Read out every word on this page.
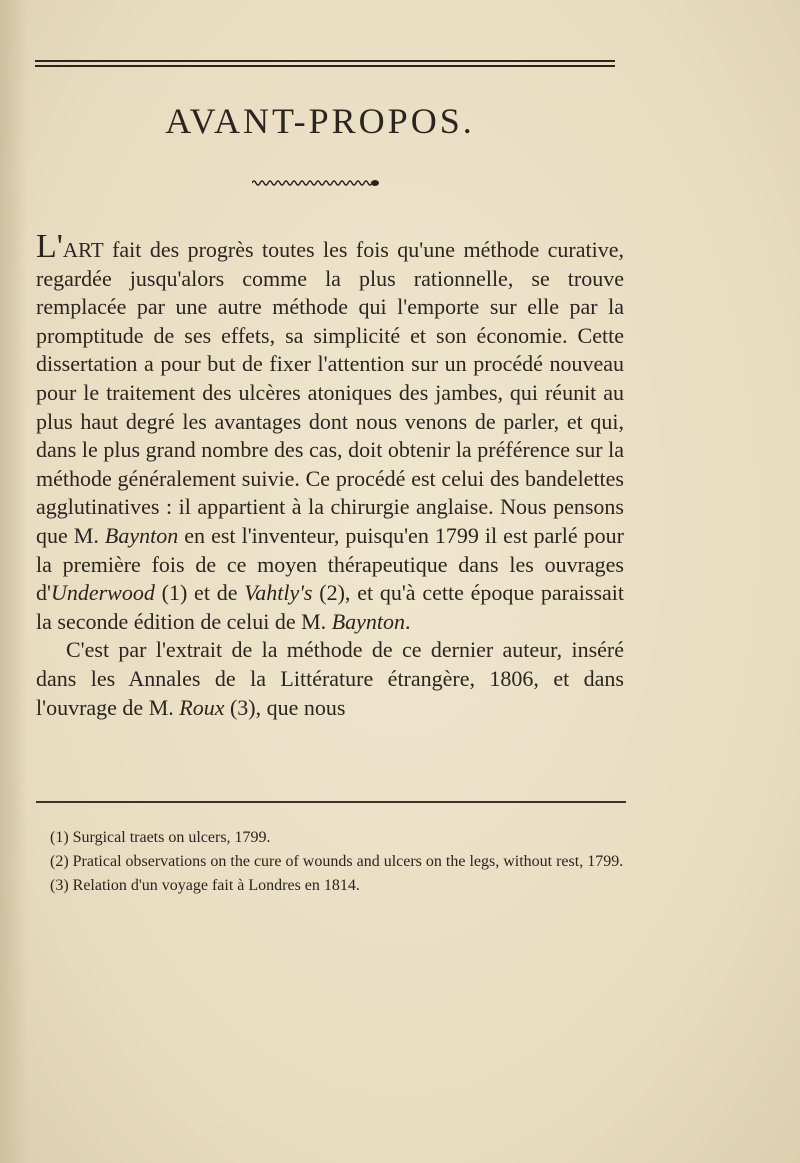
AVANT-PROPOS.

L'ART fait des progrès toutes les fois qu'une méthode curative, regardée jusqu'alors comme la plus rationnelle, se trouve remplacée par une autre méthode qui l'emporte sur elle par la promptitude de ses effets, sa simplicité et son économie. Cette dissertation a pour but de fixer l'attention sur un procédé nouveau pour le traitement des ulcères atoniques des jambes, qui réunit au plus haut degré les avantages dont nous venons de parler, et qui, dans le plus grand nombre des cas, doit obtenir la préférence sur la méthode généralement suivie. Ce procédé est celui des bandelettes agglutinatives : il appartient à la chirurgie anglaise. Nous pensons que M. Baynton en est l'inventeur, puisqu'en 1799 il est parlé pour la première fois de ce moyen thérapeutique dans les ouvrages d'Underwood (1) et de Vahtly's (2), et qu'à cette époque paraissait la seconde édition de celui de M. Baynton.

C'est par l'extrait de la méthode de ce dernier auteur, inséré dans les Annales de la Littérature étrangère, 1806, et dans l'ouvrage de M. Roux (3), que nous

(1) Surgical traets on ulcers, 1799.

(2) Pratical observations on the cure of wounds and ulcers on the legs, without rest, 1799.

(3) Relation d'un voyage fait à Londres en 1814.
